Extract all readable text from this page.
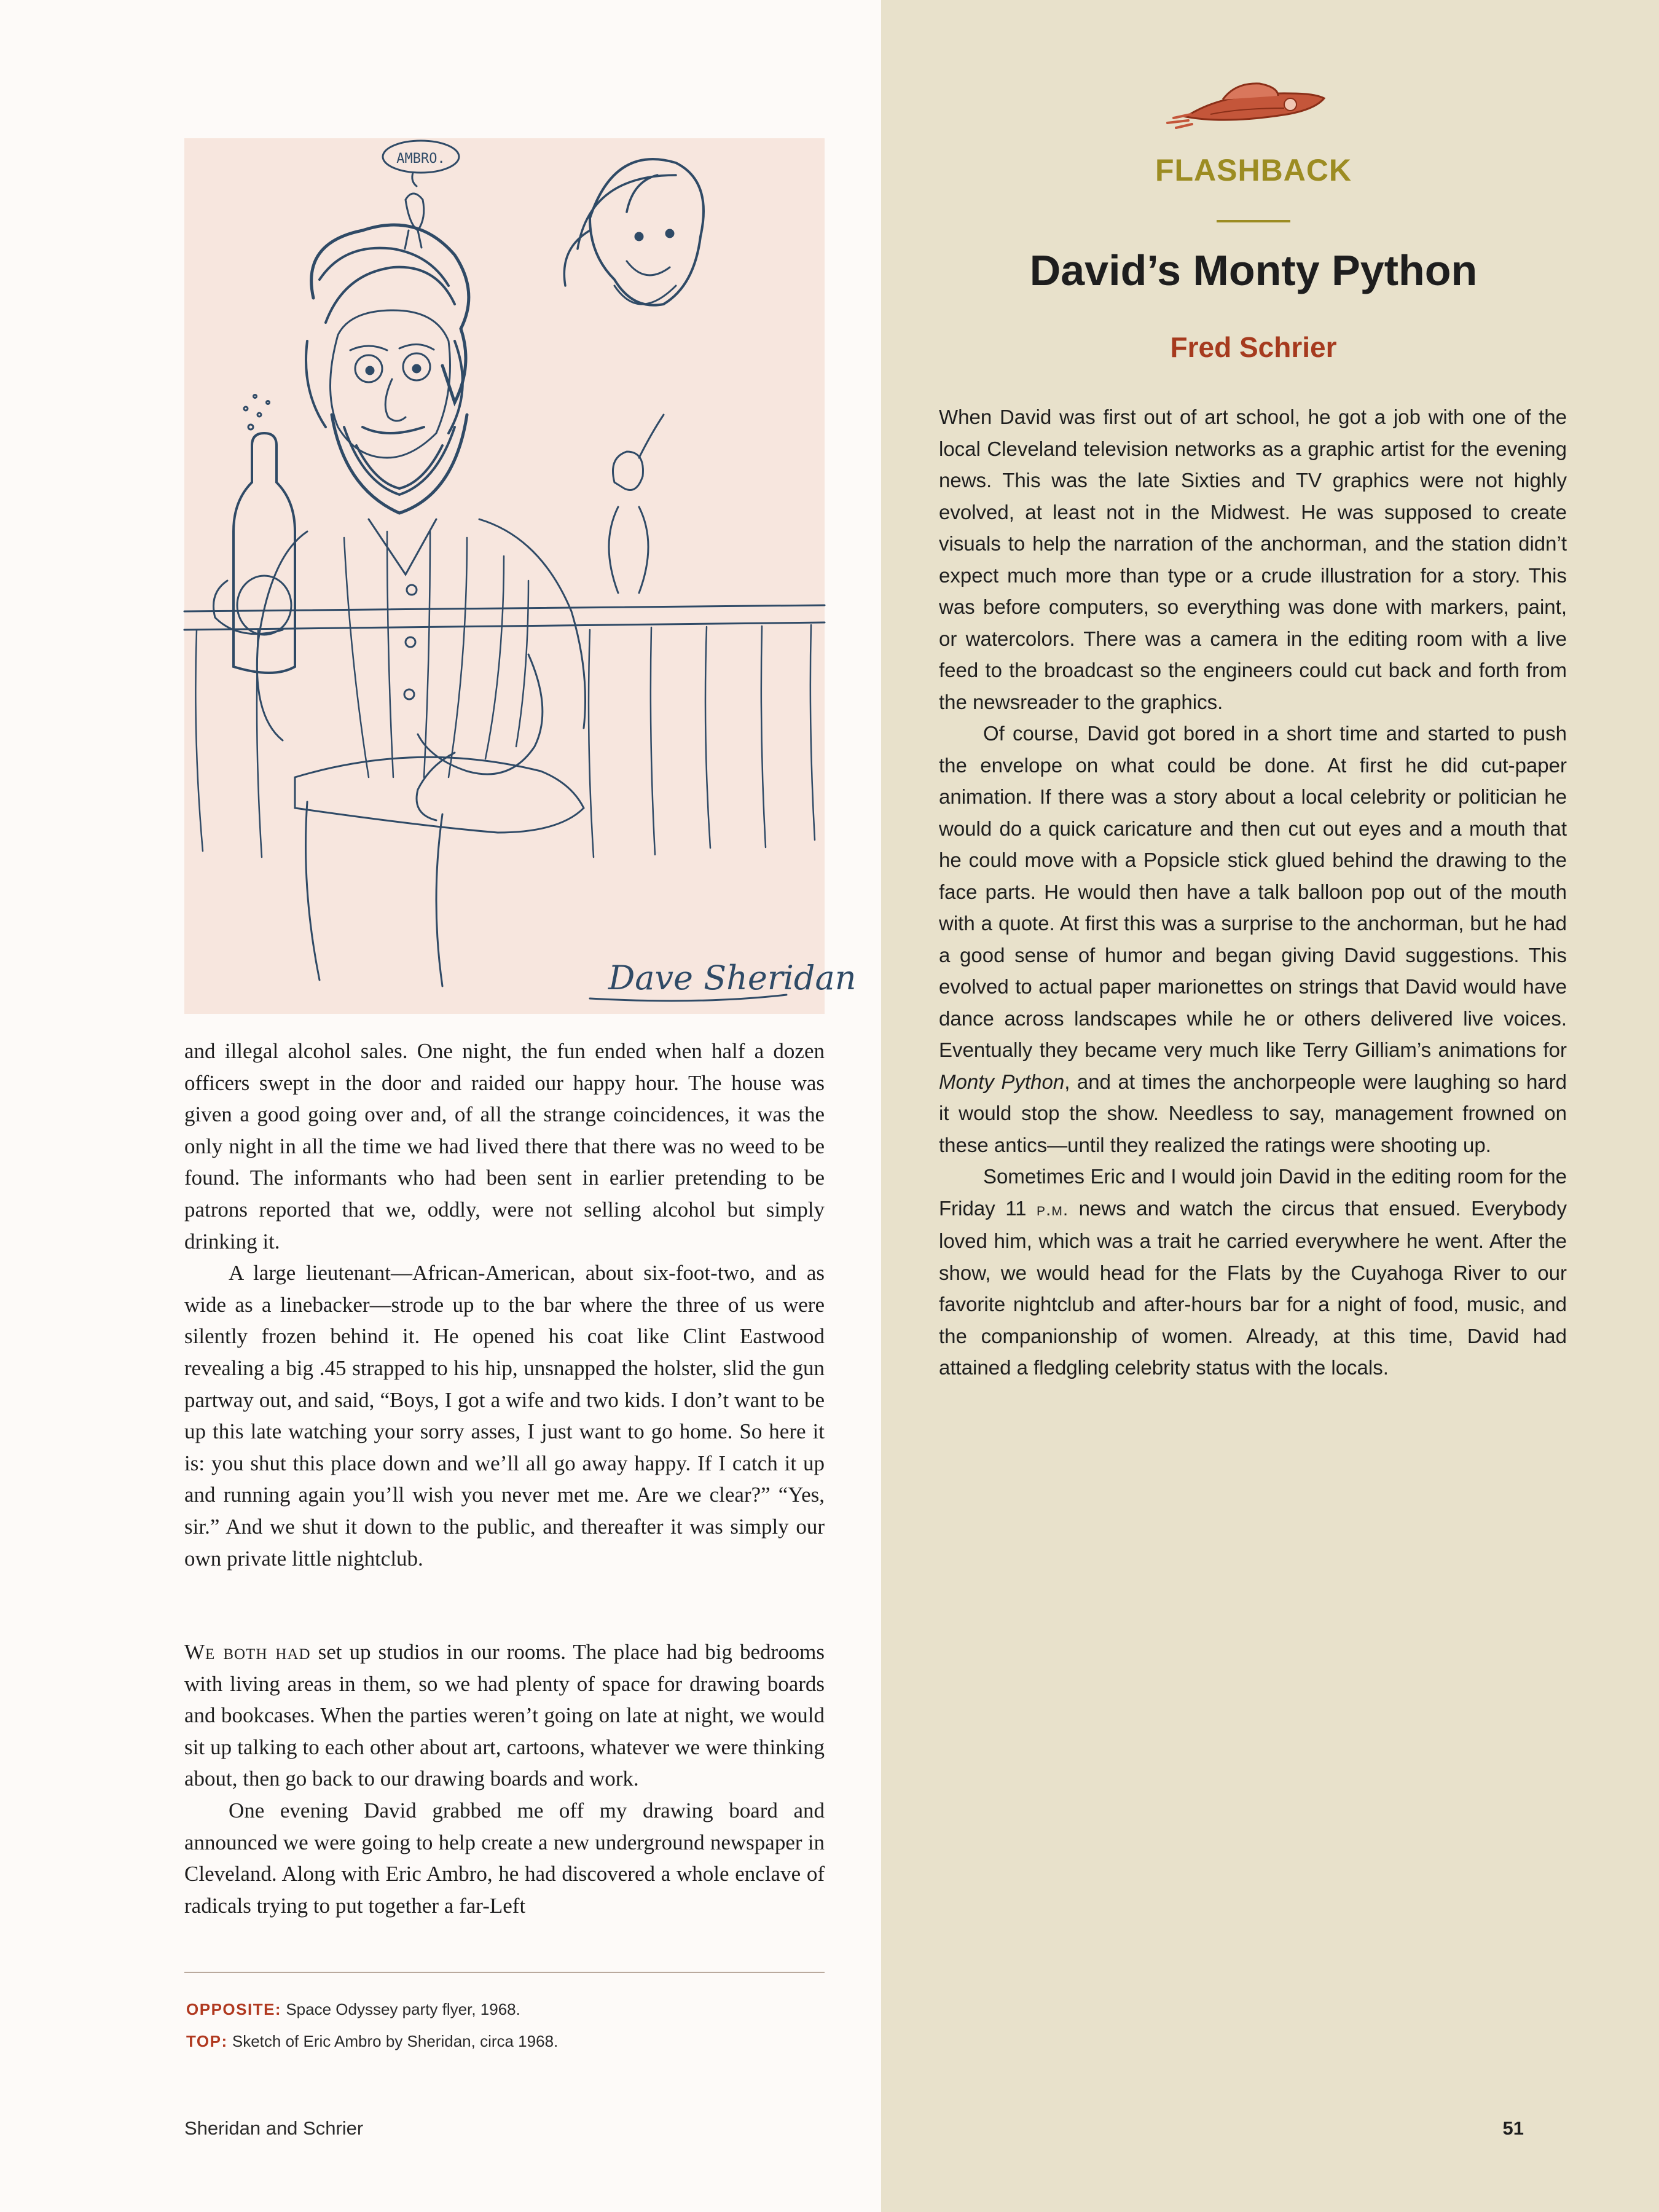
AMBRO.
Dave Sheridan

and illegal alcohol sales. One night, the fun ended when half a dozen officers swept in the door and raided our happy hour. The house was given a good going over and, of all the strange coincidences, it was the only night in all the time we had lived there that there was no weed to be found. The informants who had been sent in earlier pretending to be patrons reported that we, oddly, were not selling alcohol but simply drinking it.

A large lieutenant—African-American, about six-foot-two, and as wide as a linebacker—strode up to the bar where the three of us were silently frozen behind it. He opened his coat like Clint Eastwood revealing a big .45 strapped to his hip, unsnapped the holster, slid the gun partway out, and said, “Boys, I got a wife and two kids. I don’t want to be up this late watching your sorry asses, I just want to go home. So here it is: you shut this place down and we’ll all go away happy. If I catch it up and running again you’ll wish you never met me. Are we clear?” “Yes, sir.” And we shut it down to the public, and thereafter it was simply our own private little nightclub.

We both had set up studios in our rooms. The place had big bedrooms with living areas in them, so we had plenty of space for drawing boards and bookcases. When the parties weren’t going on late at night, we would sit up talking to each other about art, cartoons, whatever we were thinking about, then go back to our drawing boards and work.

One evening David grabbed me off my drawing board and announced we were going to help create a new underground newspaper in Cleveland. Along with Eric Ambro, he had discovered a whole enclave of radicals trying to put together a far-Left

OPPOSITE: Space Odyssey party flyer, 1968.
TOP: Sketch of Eric Ambro by Sheridan, circa 1968.
Sheridan and Schrier
FLASHBACK
David’s Monty Python
Fred Schrier

When David was first out of art school, he got a job with one of the local Cleveland television networks as a graphic artist for the evening news. This was the late Sixties and TV graphics were not highly evolved, at least not in the Midwest. He was supposed to create visuals to help the narration of the anchorman, and the station didn’t expect much more than type or a crude illustration for a story. This was before computers, so everything was done with markers, paint, or watercolors. There was a camera in the editing room with a live feed to the broadcast so the engineers could cut back and forth from the newsreader to the graphics.

Of course, David got bored in a short time and started to push the envelope on what could be done. At first he did cut-paper animation. If there was a story about a local celebrity or politician he would do a quick caricature and then cut out eyes and a mouth that he could move with a Popsicle stick glued behind the drawing to the face parts. He would then have a talk balloon pop out of the mouth with a quote. At first this was a surprise to the anchorman, but he had a good sense of humor and began giving David suggestions. This evolved to actual paper marionettes on strings that David would have dance across landscapes while he or others delivered live voices. Eventually they became very much like Terry Gilliam’s animations for Monty Python, and at times the anchorpeople were laughing so hard it would stop the show. Needless to say, management frowned on these antics—until they realized the ratings were shooting up.

Sometimes Eric and I would join David in the editing room for the Friday 11 p.m. news and watch the circus that ensued. Everybody loved him, which was a trait he carried everywhere he went. After the show, we would head for the Flats by the Cuyahoga River to our favorite nightclub and after-hours bar for a night of food, music, and the companionship of women. Already, at this time, David had attained a fledgling celebrity status with the locals.

51
